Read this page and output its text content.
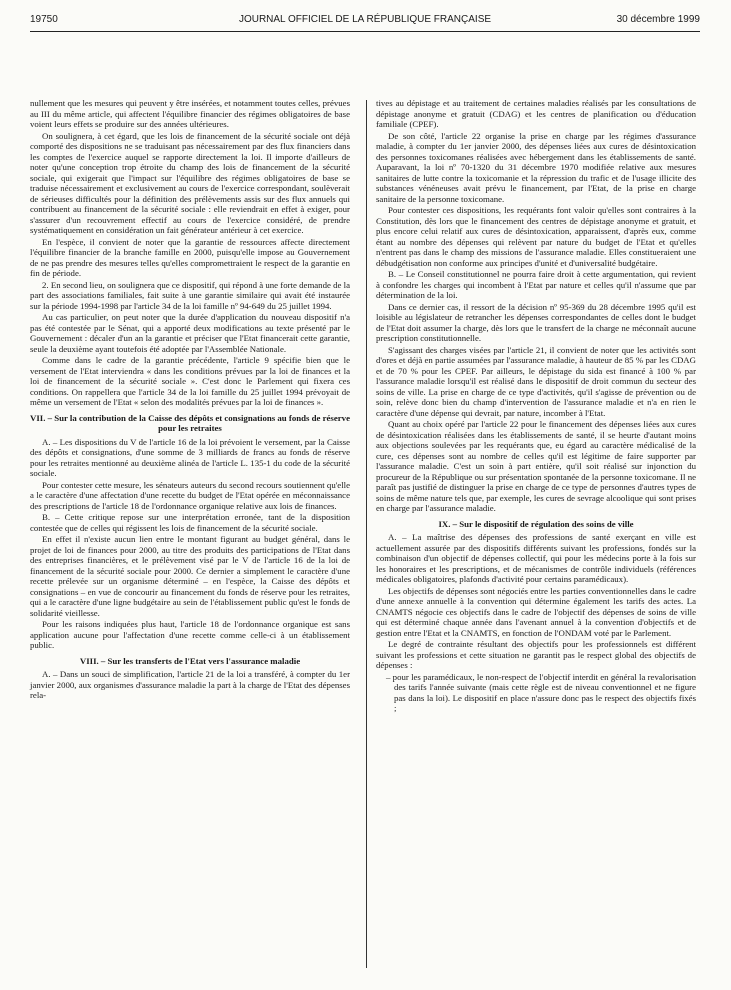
19750	JOURNAL OFFICIEL DE LA RÉPUBLIQUE FRANÇAISE	30 décembre 1999

nullement que les mesures qui peuvent y être insérées, et notamment toutes celles, prévues au III du même article, qui affectent l'équilibre financier des régimes obligatoires de base voient leurs effets se produire sur des années ultérieures.

On soulignera, à cet égard, que les lois de financement de la sécurité sociale ont déjà comporté des dispositions ne se traduisant pas nécessairement par des flux financiers dans les comptes de l'exercice auquel se rapporte directement la loi. Il importe d'ailleurs de noter qu'une conception trop étroite du champ des lois de financement de la sécurité sociale, qui exigerait que l'impact sur l'équilibre des régimes obligatoires de base se traduise nécessairement et exclusivement au cours de l'exercice correspondant, soulèverait de sérieuses difficultés pour la définition des prélèvements assis sur des flux annuels qui contribuent au financement de la sécurité sociale : elle reviendrait en effet à exiger, pour s'assurer d'un recouvrement effectif au cours de l'exercice considéré, de prendre systématiquement en considération un fait générateur antérieur à cet exercice.

En l'espèce, il convient de noter que la garantie de ressources affecte directement l'équilibre financier de la branche famille en 2000, puisqu'elle impose au Gouvernement de ne pas prendre des mesures telles qu'elles compromettraient le respect de la garantie en fin de période.

2. En second lieu, on soulignera que ce dispositif, qui répond à une forte demande de la part des associations familiales, fait suite à une garantie similaire qui avait été instaurée sur la période 1994-1998 par l'article 34 de la loi famille nº 94-649 du 25 juillet 1994.

Au cas particulier, on peut noter que la durée d'application du nouveau dispositif n'a pas été contestée par le Sénat, qui a apporté deux modifications au texte présenté par le Gouvernement : décaler d'un an la garantie et préciser que l'Etat financerait cette garantie, seule la deuxième ayant toutefois été adoptée par l'Assemblée Nationale.

Comme dans le cadre de la garantie précédente, l'article 9 spécifie bien que le versement de l'Etat interviendra « dans les conditions prévues par la loi de finances et la loi de financement de la sécurité sociale ». C'est donc le Parlement qui fixera ces conditions. On rappellera que l'article 34 de la loi famille du 25 juillet 1994 prévoyait de même un versement de l'Etat « selon des modalités prévues par la loi de finances ».

VII. – Sur la contribution de la Caisse des dépôts et consignations au fonds de réserve pour les retraites

A. – Les dispositions du V de l'article 16 de la loi prévoient le versement, par la Caisse des dépôts et consignations, d'une somme de 3 milliards de francs au fonds de réserve pour les retraites mentionné au deuxième alinéa de l'article L. 135-1 du code de la sécurité sociale.

Pour contester cette mesure, les sénateurs auteurs du second recours soutiennent qu'elle a le caractère d'une affectation d'une recette du budget de l'Etat opérée en méconnaissance des prescriptions de l'article 18 de l'ordonnance organique relative aux lois de finances.

B. – Cette critique repose sur une interprétation erronée, tant de la disposition contestée que de celles qui régissent les lois de financement de la sécurité sociale.

En effet il n'existe aucun lien entre le montant figurant au budget général, dans le projet de loi de finances pour 2000, au titre des produits des participations de l'Etat dans des entreprises financières, et le prélèvement visé par le V de l'article 16 de la loi de financement de la sécurité sociale pour 2000. Ce dernier a simplement le caractère d'une recette prélevée sur un organisme déterminé – en l'espèce, la Caisse des dépôts et consignations – en vue de concourir au financement du fonds de réserve pour les retraites, qui a le caractère d'une ligne budgétaire au sein de l'établissement public qu'est le fonds de solidarité vieillesse.

Pour les raisons indiquées plus haut, l'article 18 de l'ordonnance organique est sans application aucune pour l'affectation d'une recette comme celle-ci à un établissement public.

VIII. – Sur les transferts de l'Etat vers l'assurance maladie

A. – Dans un souci de simplification, l'article 21 de la loi a transféré, à compter du 1er janvier 2000, aux organismes d'assurance maladie la part à la charge de l'Etat des dépenses rela-

tives au dépistage et au traitement de certaines maladies réalisés par les consultations de dépistage anonyme et gratuit (CDAG) et les centres de planification ou d'éducation familiale (CPEF).

De son côté, l'article 22 organise la prise en charge par les régimes d'assurance maladie, à compter du 1er janvier 2000, des dépenses liées aux cures de désintoxication des personnes toxicomanes réalisées avec hébergement dans les établissements de santé. Auparavant, la loi nº 70-1320 du 31 décembre 1970 modifiée relative aux mesures sanitaires de lutte contre la toxicomanie et la répression du trafic et de l'usage illicite des substances vénéneuses avait prévu le financement, par l'Etat, de la prise en charge sanitaire de la personne toxicomane.

Pour contester ces dispositions, les requérants font valoir qu'elles sont contraires à la Constitution, dès lors que le financement des centres de dépistage anonyme et gratuit, et plus encore celui relatif aux cures de désintoxication, apparaissent, d'après eux, comme étant au nombre des dépenses qui relèvent par nature du budget de l'Etat et qu'elles n'entrent pas dans le champ des missions de l'assurance maladie. Elles constitueraient une débudgétisation non conforme aux principes d'unité et d'universalité budgétaire.

B. – Le Conseil constitutionnel ne pourra faire droit à cette argumentation, qui revient à confondre les charges qui incombent à l'Etat par nature et celles qu'il n'assume que par détermination de la loi.

Dans ce dernier cas, il ressort de la décision nº 95-369 du 28 décembre 1995 qu'il est loisible au législateur de retrancher les dépenses correspondantes de celles dont le budget de l'Etat doit assumer la charge, dès lors que le transfert de la charge ne méconnaît aucune prescription constitutionnelle.

S'agissant des charges visées par l'article 21, il convient de noter que les activités sont d'ores et déjà en partie assumées par l'assurance maladie, à hauteur de 85 % par les CDAG et de 70 % pour les CPEF. Par ailleurs, le dépistage du sida est financé à 100 % par l'assurance maladie lorsqu'il est réalisé dans le dispositif de droit commun du secteur des soins de ville. La prise en charge de ce type d'activités, qu'il s'agisse de prévention ou de soin, relève donc bien du champ d'intervention de l'assurance maladie et n'a en rien le caractère d'une dépense qui devrait, par nature, incomber à l'Etat.

Quant au choix opéré par l'article 22 pour le financement des dépenses liées aux cures de désintoxication réalisées dans les établissements de santé, il se heurte d'autant moins aux objections soulevées par les requérants que, eu égard au caractère médicalisé de la cure, ces dépenses sont au nombre de celles qu'il est légitime de faire supporter par l'assurance maladie. C'est un soin à part entière, qu'il soit réalisé sur injonction du procureur de la République ou sur présentation spontanée de la personne toxicomane. Il ne paraît pas justifié de distinguer la prise en charge de ce type de personnes d'autres types de soins de même nature tels que, par exemple, les cures de sevrage alcoolique qui sont prises en charge par l'assurance maladie.

IX. – Sur le dispositif de régulation des soins de ville

A. – La maîtrise des dépenses des professions de santé exerçant en ville est actuellement assurée par des dispositifs différents suivant les professions, fondés sur la combinaison d'un objectif de dépenses collectif, qui pour les médecins porte à la fois sur les honoraires et les prescriptions, et de mécanismes de contrôle individuels (références médicales obligatoires, plafonds d'activité pour certains paramédicaux).

Les objectifs de dépenses sont négociés entre les parties conventionnelles dans le cadre d'une annexe annuelle à la convention qui détermine également les tarifs des actes. La CNAMTS négocie ces objectifs dans le cadre de l'objectif des dépenses de soins de ville qui est déterminé chaque année dans l'avenant annuel à la convention d'objectifs et de gestion entre l'Etat et la CNAMTS, en fonction de l'ONDAM voté par le Parlement.

Le degré de contrainte résultant des objectifs pour les professionnels est différent suivant les professions et cette situation ne garantit pas le respect global des objectifs de dépenses :

– pour les paramédicaux, le non-respect de l'objectif interdit en général la revalorisation des tarifs l'année suivante (mais cette règle est de niveau conventionnel et ne figure pas dans la loi). Le dispositif en place n'assure donc pas le respect des objectifs fixés ;
